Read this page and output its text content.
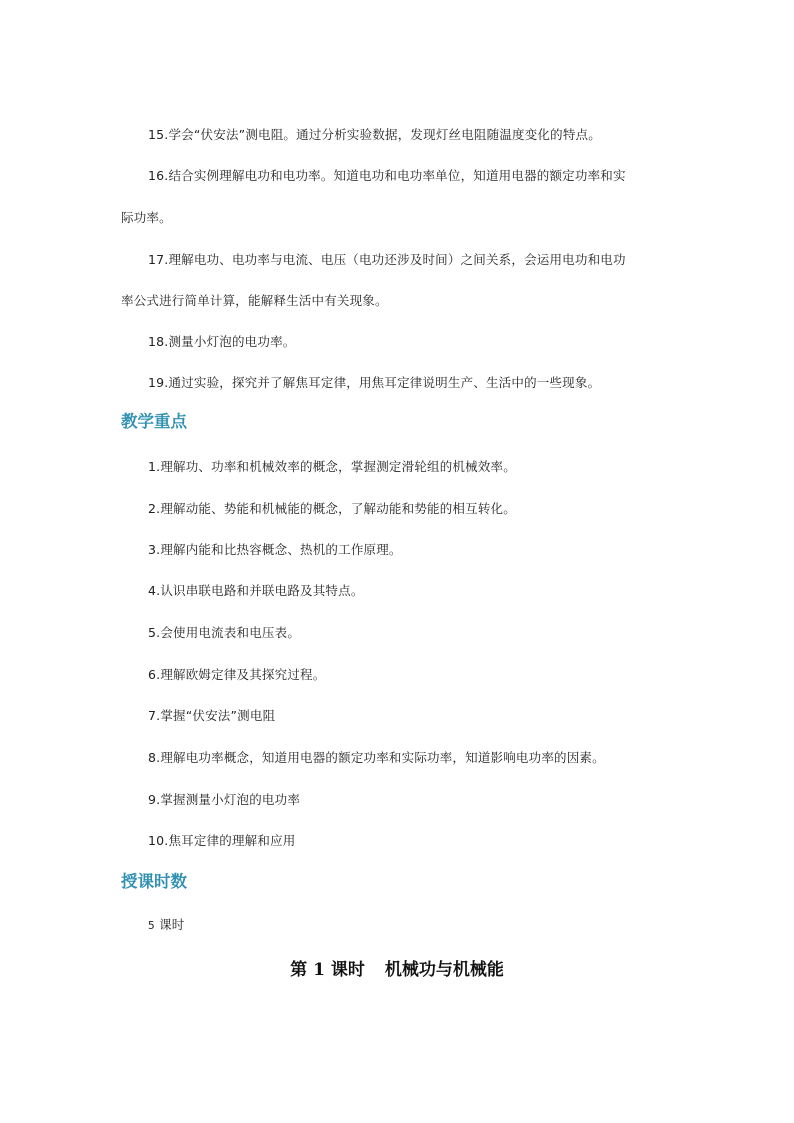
15.学会“伏安法”测电阻。通过分析实验数据，发现灯丝电阻随温度变化的特点。
16.结合实例理解电功和电功率。知道电功和电功率单位，知道用电器的额定功率和实
际功率。
17.理解电功、电功率与电流、电压（电功还涉及时间）之间关系，会运用电功和电功
率公式进行简单计算，能解释生活中有关现象。
18.测量小灯泡的电功率。
19.通过实验，探究并了解焦耳定律，用焦耳定律说明生产、生活中的一些现象。
教学重点
1.理解功、功率和机械效率的概念，掌握测定滑轮组的机械效率。
2.理解动能、势能和机械能的概念，了解动能和势能的相互转化。
3.理解内能和比热容概念、热机的工作原理。
4.认识串联电路和并联电路及其特点。
5.会使用电流表和电压表。
6.理解欧姆定律及其探究过程。
7.掌握“伏安法”测电阻
8.理解电功率概念，知道用电器的额定功率和实际功率，知道影响电功率的因素。
9.掌握测量小灯泡的电功率
10.焦耳定律的理解和应用
授课时数
5 课时
第 1 课时 机械功与机械能
